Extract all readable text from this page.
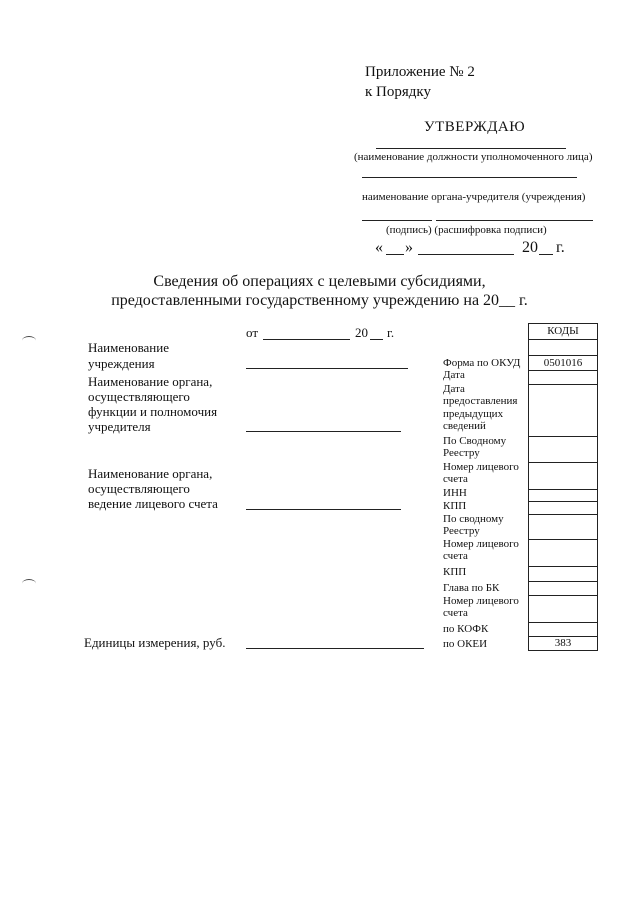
Приложение № 2
к Порядку
УТВЕРЖДАЮ
(наименование должности уполномоченного лица)
наименование органа-учредителя (учреждения)
(подпись) (расшифровка подписи)
« »	20 г.
Сведения об операциях с целевыми субсидиями,
предоставленными государственному учреждению на 20__ г.
от	20 г.
Наименование
учреждения
Наименование органа,
осуществляющего
функции и полномочия
учредителя
Наименование органа,
осуществляющего
ведение лицевого счета
Единицы измерения, руб.
Форма по ОКУД
Дата
Дата
предоставления
предыдущих
сведений
По Сводному
Реестру
Номер лицевого
счета
ИНН
КПП
По сводному
Реестру
Номер лицевого
счета
КПП
Глава по БК
Номер лицевого
счета
по КОФК
по ОКЕИ
КОДЫ
0501016
383
